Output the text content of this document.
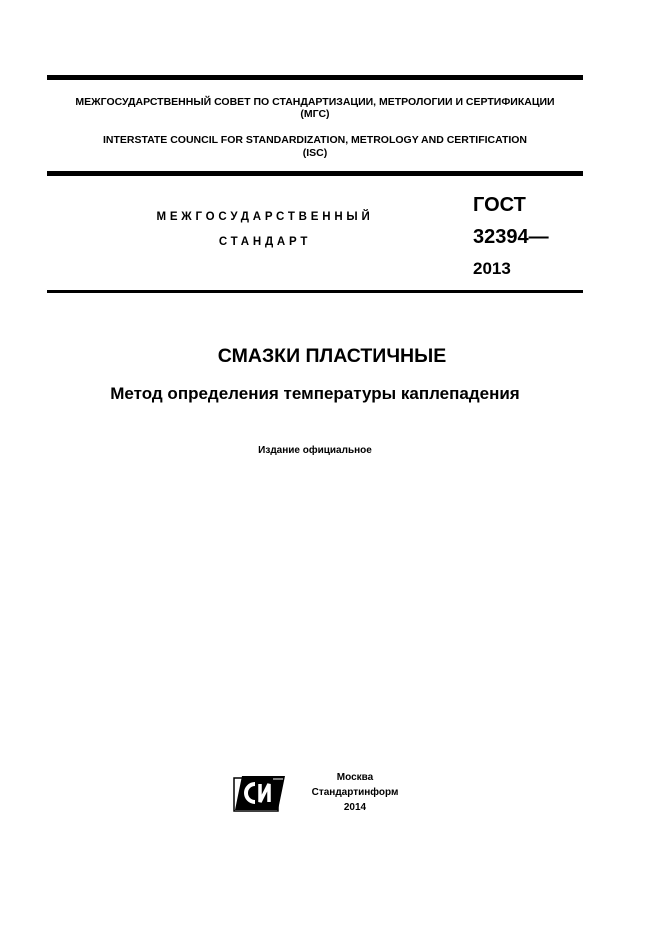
МЕЖГОСУДАРСТВЕННЫЙ СОВЕТ ПО СТАНДАРТИЗАЦИИ, МЕТРОЛОГИИ И СЕРТИФИКАЦИИ
(МГС)
INTERSTATE COUNCIL FOR STANDARDIZATION, METROLOGY AND CERTIFICATION
(ISC)
МЕЖГОСУДАРСТВЕННЫЙ
СТАНДАРТ
ГОСТ
32394—
2013
СМАЗКИ ПЛАСТИЧНЫЕ
Метод определения температуры каплепадения
Издание официальное
Москва
Стандартинформ
2014
